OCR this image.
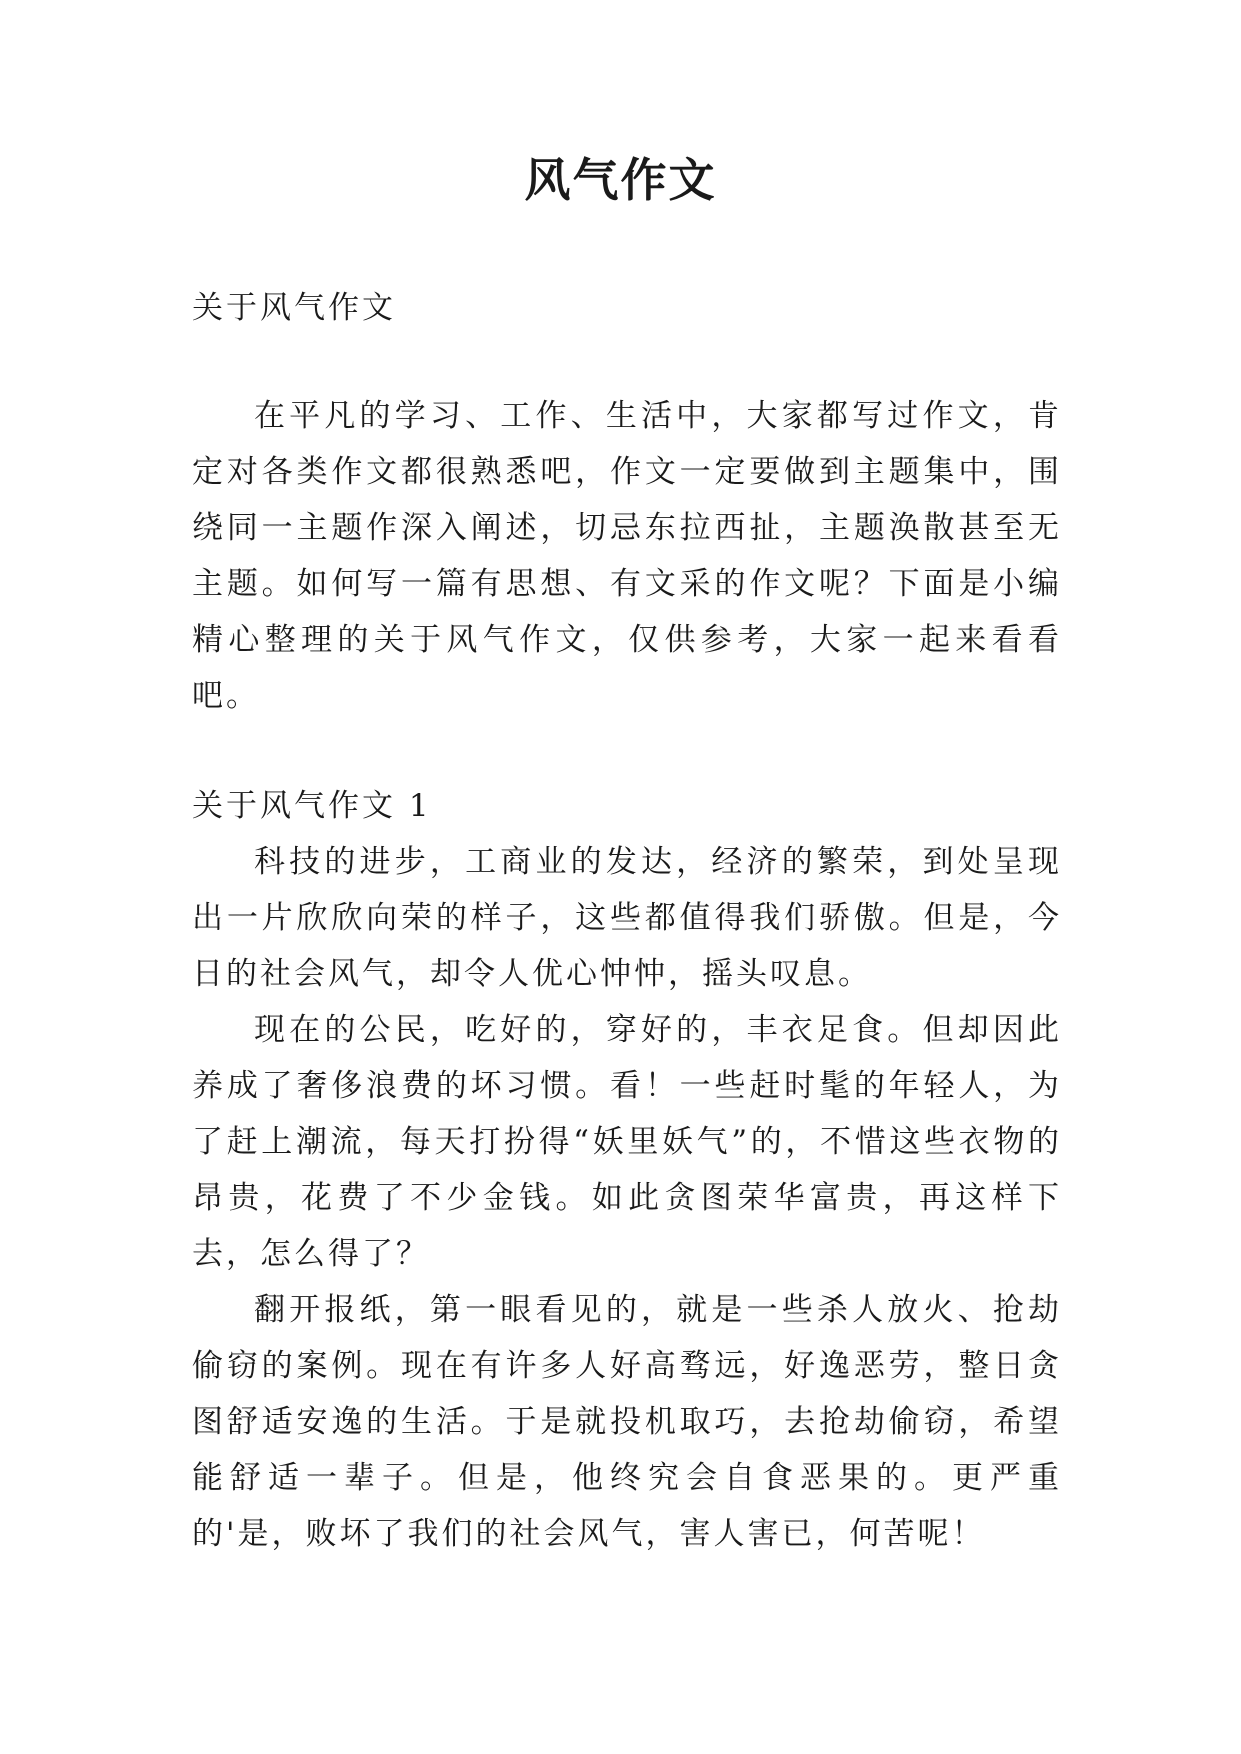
风气作文

关于风气作文

在平凡的学习、工作、生活中，大家都写过作文，肯定对各类作文都很熟悉吧，作文一定要做到主题集中，围绕同一主题作深入阐述，切忌东拉西扯，主题涣散甚至无主题。如何写一篇有思想、有文采的作文呢？下面是小编精心整理的关于风气作文，仅供参考，大家一起来看看吧。

关于风气作文 1

科技的进步，工商业的发达，经济的繁荣，到处呈现出一片欣欣向荣的样子，这些都值得我们骄傲。但是，今日的社会风气，却令人优心忡忡，摇头叹息。

现在的公民，吃好的，穿好的，丰衣足食。但却因此养成了奢侈浪费的坏习惯。看！一些赶时髦的年轻人，为了赶上潮流，每天打扮得“妖里妖气”的，不惜这些衣物的昂贵，花费了不少金钱。如此贪图荣华富贵，再这样下去，怎么得了？

翻开报纸，第一眼看见的，就是一些杀人放火、抢劫偷窃的案例。现在有许多人好高骛远，好逸恶劳，整日贪图舒适安逸的生活。于是就投机取巧，去抢劫偷窃，希望能舒适一辈子。但是，他终究会自食恶果的。更严重的'是，败坏了我们的社会风气，害人害已，何苦呢！
